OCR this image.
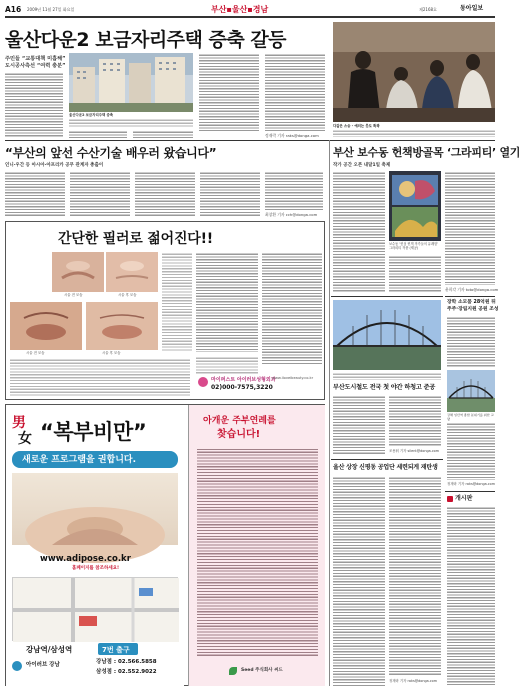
A16 2009년 11월 27일 화요일	부산▪울산▪경남	제2168호	동아일보
울산다운2 보금자리주택 증축 갈등
주민들 “교통대책 미흡해”
도시공사측선 “여력 충분”
울산다운2 보금자리주택 증축
정재락 기자 raks@donga.com
다같은 스승 - 예의는 뭇도 똑똑
“부산의 앞선 수산기술 배우러 왔습니다”
인니·우간 등 아시아·아프리카 공무 관계자 총출이
최창환 기자 cch@donga.com
부산 보수동 헌책방골목 ‘그라피티’ 열기
작가 공간 오픈 내달1일 축제
보수동 ‘헌섬 헌책 작가들의 유쾌함’ 그라피티 작품 (제공)
윤희각 기자 toto@donga.com
간단한 필러로 젊어진다!!
시술 전 모습	시술 후 모습
시술 전 모습	시술 후 모습
마이퍼스트 아이러브성형외과
02)000-7575,3220
www.iloveibeauty.co.kr
男
女 “복부비만”
새로운 프로그램을 권합니다.
www.adipose.co.kr
홈페이지를 참조하세요!
강남역/삼성역	7번 출구
아이러브 강남	강남점 : 02.566.5858
삼성점 : 02.552.9022
아개운 주부연례를
찾습니다!
Seed 주식회사 씨드
장학 소모품 28억원 뒤
주주·장립지원 공원 조성
강해 일산역 종합 분위기를 위한 교량
정재락 기자 raks@donga.com
개시판
부산도시철도 전국 첫 야간 하청고 준공
조용휘 기자 silent@donga.com
울산 상장 신평동 공업단 세련되게 재탄생
정재락 기자 raks@donga.com
